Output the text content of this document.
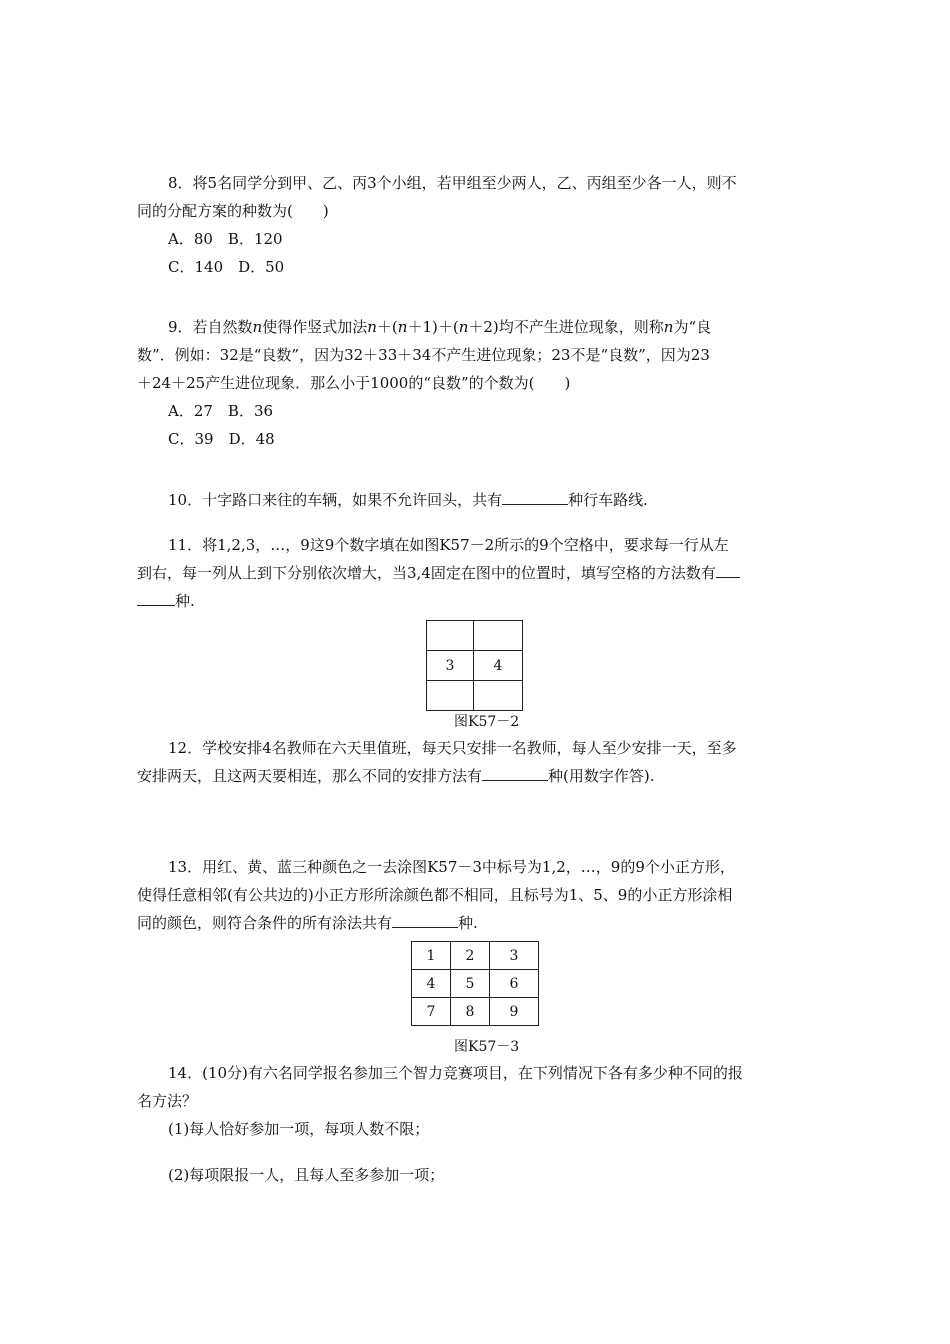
8．将5名同学分到甲、乙、丙3个小组，若甲组至少两人，乙、丙组至少各一人，则不
同的分配方案的种数为(　　)
A．80　B．120
C．140　D．50
9．若自然数n使得作竖式加法n＋(n＋1)＋(n＋2)均不产生进位现象，则称n为“良
数”．例如：32是“良数”，因为32＋33＋34不产生进位现象；23不是“良数”，因为23
＋24＋25产生进位现象．那么小于1000的“良数”的个数为(　　)
A．27　B．36
C．39　D．48
10．十字路口来往的车辆，如果不允许回头，共有	种行车路线.
11．将1,2,3，…，9这9个数字填在如图K57－2所示的9个空格中，要求每一行从左
到右，每一列从上到下分别依次增大，当3,4固定在图中的位置时，填写空格的方法数有
种.

3	4

图K57－2
12．学校安排4名教师在六天里值班，每天只安排一名教师，每人至少安排一天，至多
安排两天，且这两天要相连，那么不同的安排方法有	种(用数字作答).
13．用红、黄、蓝三种颜色之一去涂图K57－3中标号为1,2，…，9的9个小正方形，
使得任意相邻(有公共边的)小正方形所涂颜色都不相同，且标号为1、5、9的小正方形涂相
同的颜色，则符合条件的所有涂法共有	种.
1	2	3
4	5	6
7	8	9
图K57－3
14．(10分)有六名同学报名参加三个智力竞赛项目，在下列情况下各有多少种不同的报
名方法？
(1)每人恰好参加一项，每项人数不限；
(2)每项限报一人，且每人至多参加一项；
